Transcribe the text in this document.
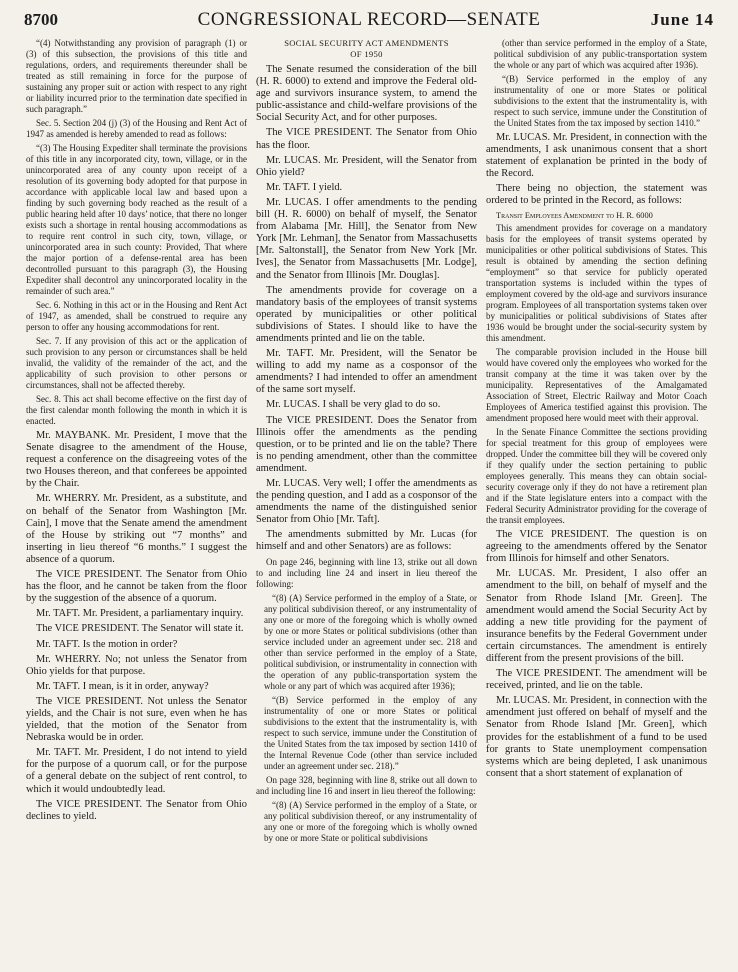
8700	CONGRESSIONAL RECORD—SENATE	June 14

“(4) Notwithstanding any provision of paragraph (1) or (3) of this subsection, the provisions of this title and regulations, orders, and requirements thereunder shall be treated as still remaining in force for the purpose of sustaining any proper suit or action with respect to any right or liability incurred prior to the termination date specified in such paragraph.”

Sec. 5. Section 204 (j) (3) of the Housing and Rent Act of 1947 as amended is hereby amended to read as follows:

“(3) The Housing Expediter shall terminate the provisions of this title in any incorporated city, town, village, or in the unincorporated area of any county upon receipt of a resolution of its governing body adopted for that purpose in accordance with applicable local law and based upon a finding by such governing body reached as the result of a public hearing held after 10 days’ notice, that there no longer exists such a shortage in rental housing accommodations as to require rent control in such city, town, village, or unincorporated area in such county: Provided, That where the major portion of a defense-rental area has been decontrolled pursuant to this paragraph (3), the Housing Expediter shall decontrol any unincorporated locality in the remainder of such area.”

Sec. 6. Nothing in this act or in the Housing and Rent Act of 1947, as amended, shall be construed to require any person to offer any housing accommodations for rent.

Sec. 7. If any provision of this act or the application of such provision to any person or circumstances shall be held invalid, the validity of the remainder of the act, and the applicability of such provision to other persons or circumstances, shall not be affected thereby.

Sec. 8. This act shall become effective on the first day of the first calendar month following the month in which it is enacted.

Mr. MAYBANK. Mr. President, I move that the Senate disagree to the amendment of the House, request a conference on the disagreeing votes of the two Houses thereon, and that conferees be appointed by the Chair.

Mr. WHERRY. Mr. President, as a substitute, and on behalf of the Senator from Washington [Mr. Cain], I move that the Senate amend the amendment of the House by striking out “7 months” and inserting in lieu thereof “6 months.” I suggest the absence of a quorum.

The VICE PRESIDENT. The Senator from Ohio has the floor, and he cannot be taken from the floor by the suggestion of the absence of a quorum.

Mr. TAFT. Mr. President, a parliamentary inquiry.

The VICE PRESIDENT. The Senator will state it.

Mr. TAFT. Is the motion in order?

Mr. WHERRY. No; not unless the Senator from Ohio yields for that purpose.

Mr. TAFT. I mean, is it in order, anyway?

The VICE PRESIDENT. Not unless the Senator yields, and the Chair is not sure, even when he has yielded, that the motion of the Senator from Nebraska would be in order.

Mr. TAFT. Mr. President, I do not intend to yield for the purpose of a quorum call, or for the purpose of a general debate on the subject of rent control, to which it would undoubtedly lead.

The VICE PRESIDENT. The Senator from Ohio declines to yield.

SOCIAL SECURITY ACT AMENDMENTS
OF 1950

The Senate resumed the consideration of the bill (H. R. 6000) to extend and improve the Federal old-age and survivors insurance system, to amend the public-assistance and child-welfare provisions of the Social Security Act, and for other purposes.

The VICE PRESIDENT. The Senator from Ohio has the floor.

Mr. LUCAS. Mr. President, will the Senator from Ohio yield?

Mr. TAFT. I yield.

Mr. LUCAS. I offer amendments to the pending bill (H. R. 6000) on behalf of myself, the Senator from Alabama [Mr. Hill], the Senator from New York [Mr. Lehman], the Senator from Massachusetts [Mr. Saltonstall], the Senator from New York [Mr. Ives], the Senator from Massachusetts [Mr. Lodge], and the Senator from Illinois [Mr. Douglas].

The amendments provide for coverage on a mandatory basis of the employees of transit systems operated by municipalities or other political subdivisions of States. I should like to have the amendments printed and lie on the table.

Mr. TAFT. Mr. President, will the Senator be willing to add my name as a cosponsor of the amendments? I had intended to offer an amendment of the same sort myself.

Mr. LUCAS. I shall be very glad to do so.

The VICE PRESIDENT. Does the Senator from Illinois offer the amendments as the pending question, or to be printed and lie on the table? There is no pending amendment, other than the committee amendment.

Mr. LUCAS. Very well; I offer the amendments as the pending question, and I add as a cosponsor of the amendments the name of the distinguished senior Senator from Ohio [Mr. Taft].

The amendments submitted by Mr. Lucas (for himself and and other Senators) are as follows:

On page 246, beginning with line 13, strike out all down to and including line 24 and insert in lieu thereof the following:

“(8) (A) Service performed in the employ of a State, or any political subdivision thereof, or any instrumentality of any one or more of the foregoing which is wholly owned by one or more States or political subdivisions (other than service included under an agreement under sec. 218 and other than service performed in the employ of a State, political subdivision, or instrumentality in connection with the operation of any public-transportation system the whole or any part of which was acquired after 1936);

“(B) Service performed in the employ of any instrumentality of one or more States or political subdivisions to the extent that the instrumentality is, with respect to such service, immune under the Constitution of the United States from the tax imposed by section 1410 of the Internal Revenue Code (other than service included under an agreement under sec. 218).”

On page 328, beginning with line 8, strike out all down to and including line 16 and insert in lieu thereof the following:

“(8) (A) Service performed in the employ of a State, or any political subdivision thereof, or any instrumentality of any one or more of the foregoing which is wholly owned by one or more State or political subdivisions

(other than service performed in the employ of a State, political subdivision of any public-transportation system the whole or any part of which was acquired after 1936).

“(B) Service performed in the employ of any instrumentality of one or more States or political subdivisions to the extent that the instrumentality is, with respect to such service, immune under the Constitution of the United States from the tax imposed by section 1410.”

Mr. LUCAS. Mr. President, in connection with the amendments, I ask unanimous consent that a short statement of explanation be printed in the body of the Record.

There being no objection, the statement was ordered to be printed in the Record, as follows:

Transit Employees Amendment to H. R. 6000

This amendment provides for coverage on a mandatory basis for the employees of transit systems operated by municipalities or other political subdivisions of States. This result is obtained by amending the section defining “employment” so that service for publicly operated transportation systems is included within the types of employment covered by the old-age and survivors insurance program. Employees of all transportation systems taken over by municipalities or political subdivisions of States after 1936 would be brought under the social-security system by this amendment.

The comparable provision included in the House bill would have covered only the employees who worked for the transit company at the time it was taken over by the municipality. Representatives of the Amalgamated Association of Street, Electric Railway and Motor Coach Employees of America testified against this provision. The amendment proposed here would meet with their approval.

In the Senate Finance Committee the sections providing for special treatment for this group of employees were dropped. Under the committee bill they will be covered only if they qualify under the section pertaining to public employees generally. This means they can obtain social-security coverage only if they do not have a retirement plan and if the State legislature enters into a compact with the Federal Security Administrator providing for the coverage of the transit employees.

The VICE PRESIDENT. The question is on agreeing to the amendments offered by the Senator from Illinois for himself and other Senators.

Mr. LUCAS. Mr. President, I also offer an amendment to the bill, on behalf of myself and the Senator from Rhode Island [Mr. Green]. The amendment would amend the Social Security Act by adding a new title providing for the payment of insurance benefits by the Federal Government under certain circumstances. The amendment is entirely different from the present provisions of the bill.

The VICE PRESIDENT. The amendment will be received, printed, and lie on the table.

Mr. LUCAS. Mr. President, in connection with the amendment just offered on behalf of myself and the Senator from Rhode Island [Mr. Green], which provides for the establishment of a fund to be used for grants to State unemployment compensation systems which are being depleted, I ask unanimous consent that a short statement of explanation of
